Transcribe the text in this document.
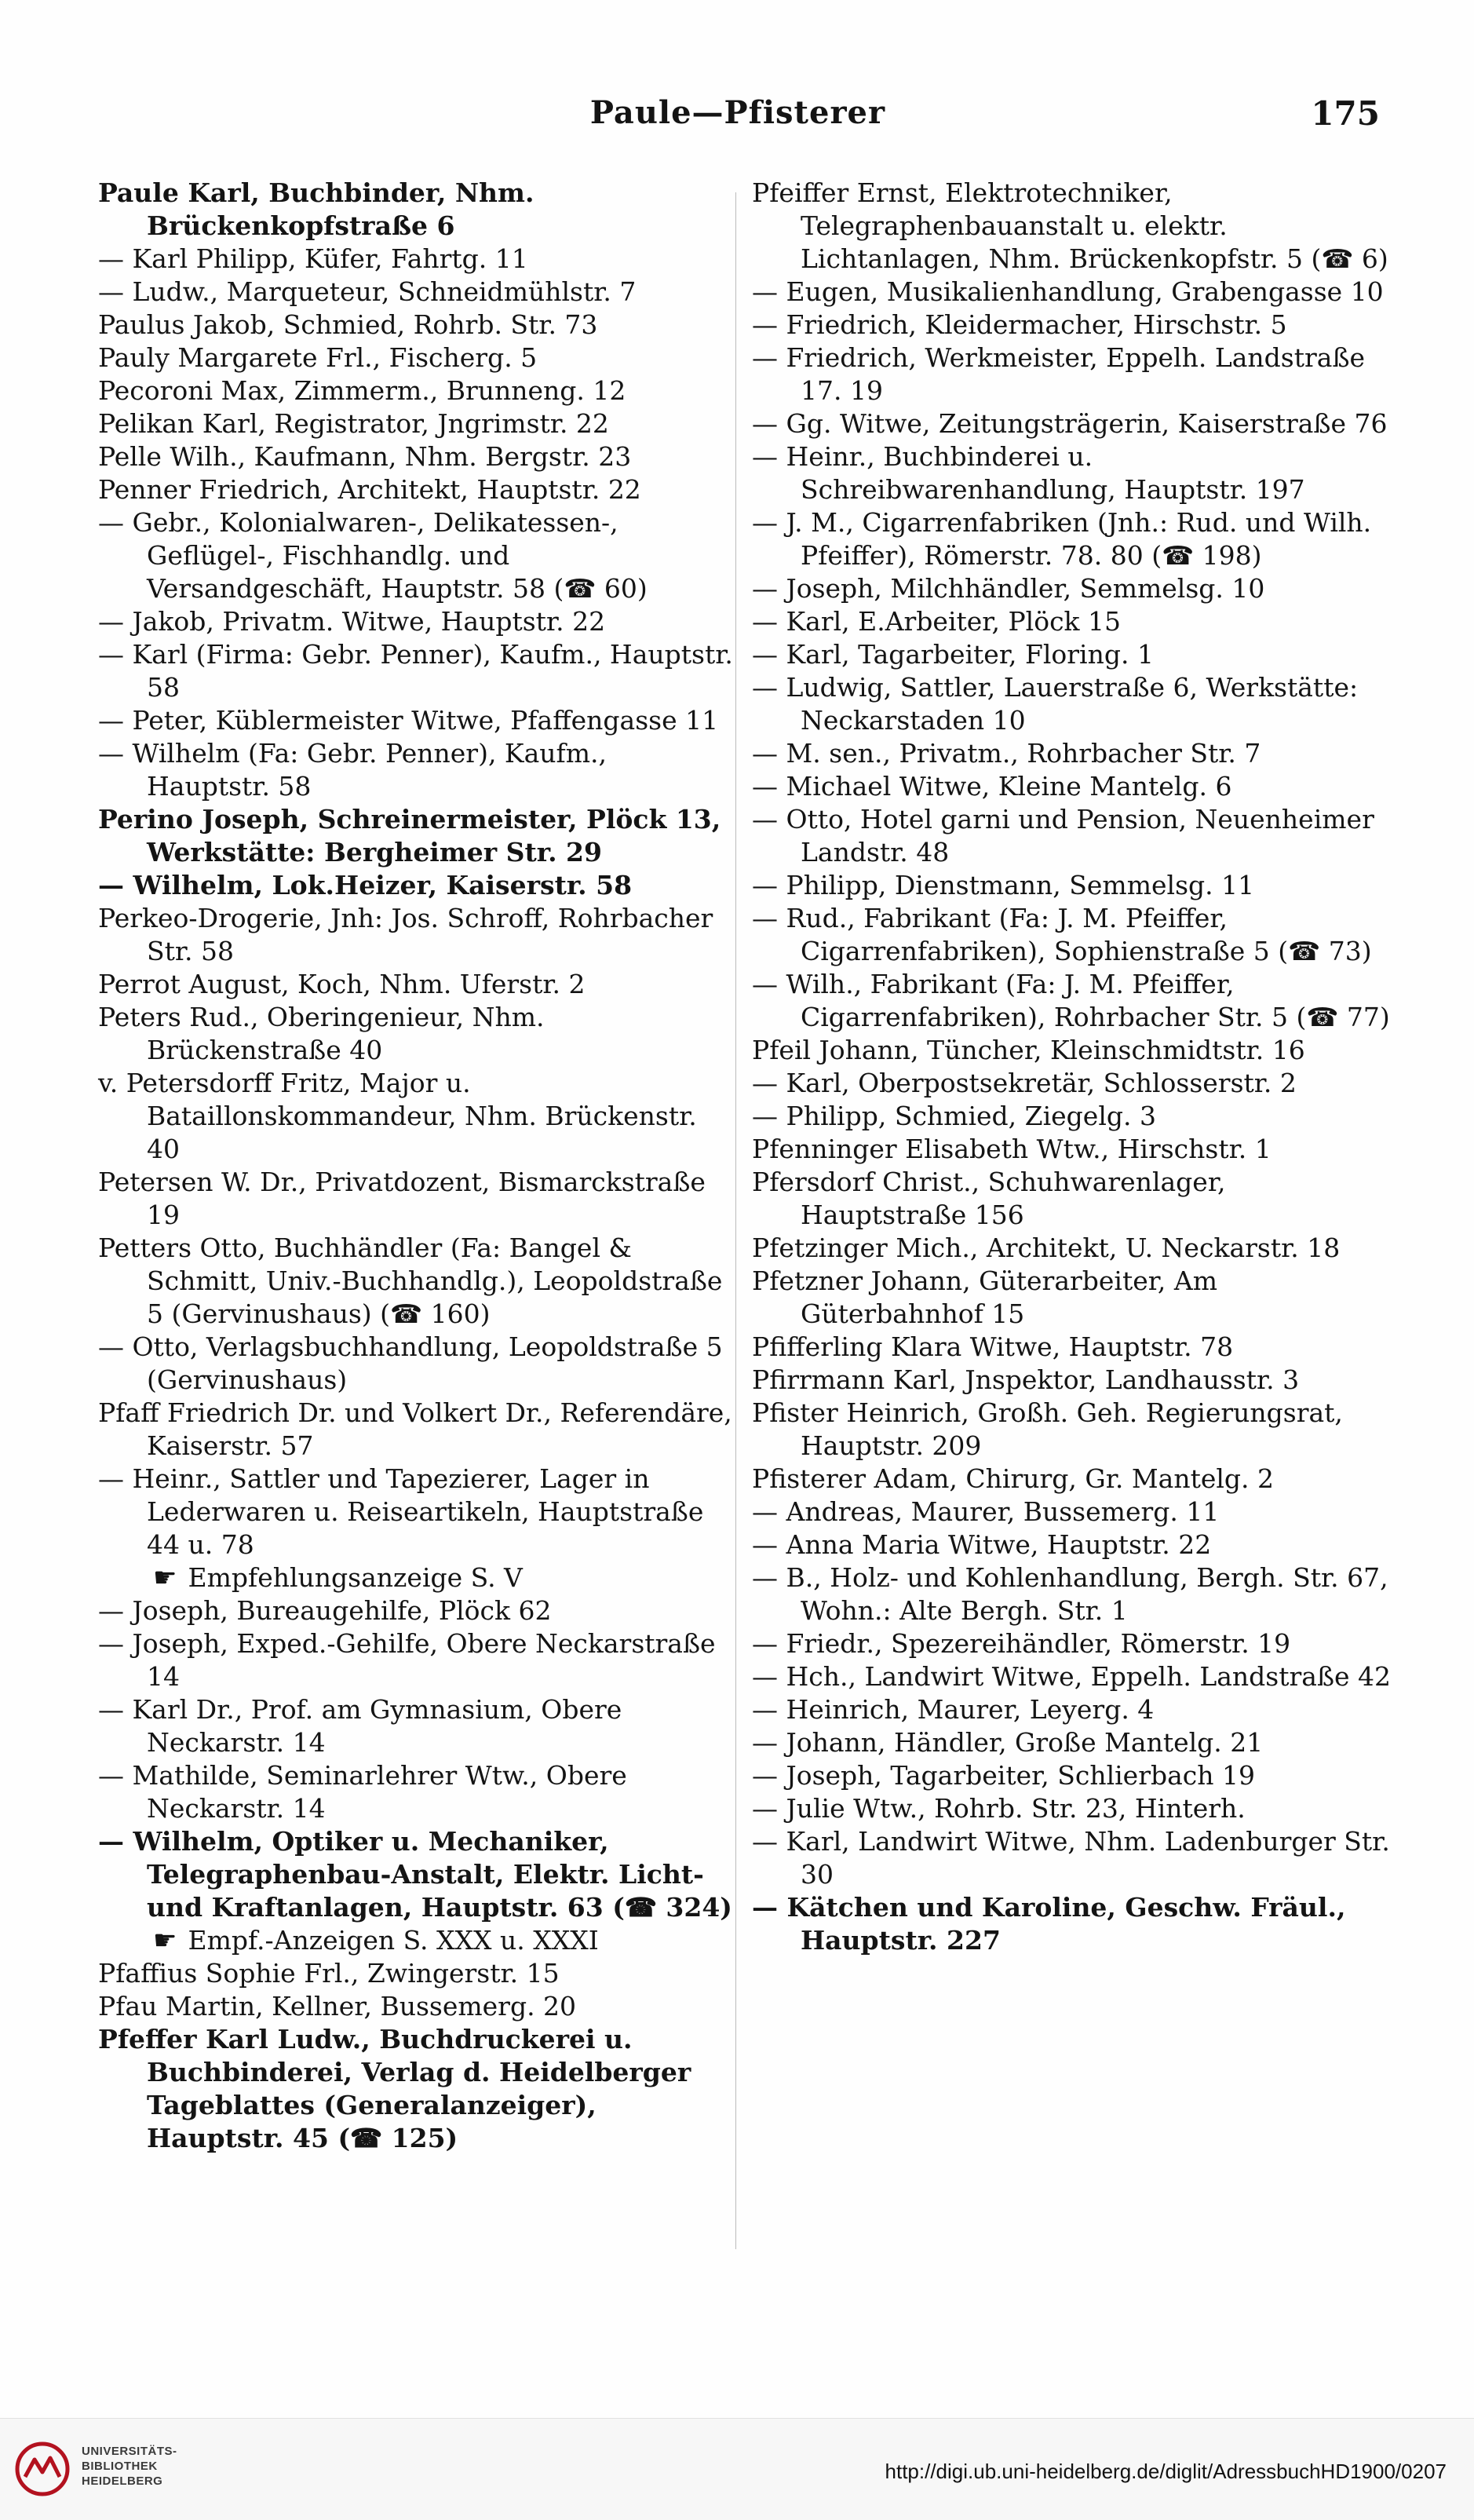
Paule—Pfisterer	175
Paule Karl, Buchbinder, Nhm. Brückenkopfstraße 6
— Karl Philipp, Küfer, Fahrtg. 11
— Ludw., Marqueteur, Schneidmühlstr. 7
Paulus Jakob, Schmied, Rohrb. Str. 73
Pauly Margarete Frl., Fischerg. 5
Pecoroni Max, Zimmerm., Brunneng. 12
Pelikan Karl, Registrator, Jngrimstr. 22
Pelle Wilh., Kaufmann, Nhm. Bergstr. 23
Penner Friedrich, Architekt, Hauptstr. 22
— Gebr., Kolonialwaren-, Delikatessen-, Geflügel-, Fischhandlg. und Versandgeschäft, Hauptstr. 58 (☎ 60)
— Jakob, Privatm. Witwe, Hauptstr. 22
— Karl (Firma: Gebr. Penner), Kaufm., Hauptstr. 58
— Peter, Küblermeister Witwe, Pfaffengasse 11
— Wilhelm (Fa: Gebr. Penner), Kaufm., Hauptstr. 58
Perino Joseph, Schreinermeister, Plöck 13, Werkstätte: Bergheimer Str. 29
— Wilhelm, Lok.Heizer, Kaiserstr. 58
Perkeo-Drogerie, Jnh: Jos. Schroff, Rohrbacher Str. 58
Perrot August, Koch, Nhm. Uferstr. 2
Peters Rud., Oberingenieur, Nhm. Brückenstraße 40
v. Petersdorff Fritz, Major u. Bataillonskommandeur, Nhm. Brückenstr. 40
Petersen W. Dr., Privatdozent, Bismarckstraße 19
Petters Otto, Buchhändler (Fa: Bangel & Schmitt, Univ.-Buchhandlg.), Leopoldstraße 5 (Gervinushaus) (☎ 160)
— Otto, Verlagsbuchhandlung, Leopoldstraße 5 (Gervinushaus)
Pfaff Friedrich Dr. und Volkert Dr., Referendäre, Kaiserstr. 57
— Heinr., Sattler und Tapezierer, Lager in Lederwaren u. Reiseartikeln, Hauptstraße 44 u. 78
☛ Empfehlungsanzeige S. V
— Joseph, Bureaugehilfe, Plöck 62
— Joseph, Exped.-Gehilfe, Obere Neckarstraße 14
— Karl Dr., Prof. am Gymnasium, Obere Neckarstr. 14
— Mathilde, Seminarlehrer Wtw., Obere Neckarstr. 14
— Wilhelm, Optiker u. Mechaniker, Telegraphenbau-Anstalt, Elektr. Licht- und Kraftanlagen, Hauptstr. 63 (☎ 324)
☛ Empf.-Anzeigen S. XXX u. XXXI
Pfaffius Sophie Frl., Zwingerstr. 15
Pfau Martin, Kellner, Bussemerg. 20
Pfeffer Karl Ludw., Buchdruckerei u. Buchbinderei, Verlag d. Heidelberger Tageblattes (Generalanzeiger), Hauptstr. 45 (☎ 125)
Pfeiffer Ernst, Elektrotechniker, Telegraphenbauanstalt u. elektr. Lichtanlagen, Nhm. Brückenkopfstr. 5 (☎ 6)
— Eugen, Musikalienhandlung, Grabengasse 10
— Friedrich, Kleidermacher, Hirschstr. 5
— Friedrich, Werkmeister, Eppelh. Landstraße 17. 19
— Gg. Witwe, Zeitungsträgerin, Kaiserstraße 76
— Heinr., Buchbinderei u. Schreibwarenhandlung, Hauptstr. 197
— J. M., Cigarrenfabriken (Jnh.: Rud. und Wilh. Pfeiffer), Römerstr. 78. 80 (☎ 198)
— Joseph, Milchhändler, Semmelsg. 10
— Karl, E.Arbeiter, Plöck 15
— Karl, Tagarbeiter, Floring. 1
— Ludwig, Sattler, Lauerstraße 6, Werkstätte: Neckarstaden 10
— M. sen., Privatm., Rohrbacher Str. 7
— Michael Witwe, Kleine Mantelg. 6
— Otto, Hotel garni und Pension, Neuenheimer Landstr. 48
— Philipp, Dienstmann, Semmelsg. 11
— Rud., Fabrikant (Fa: J. M. Pfeiffer, Cigarrenfabriken), Sophienstraße 5 (☎ 73)
— Wilh., Fabrikant (Fa: J. M. Pfeiffer, Cigarrenfabriken), Rohrbacher Str. 5 (☎ 77)
Pfeil Johann, Tüncher, Kleinschmidtstr. 16
— Karl, Oberpostsekretär, Schlosserstr. 2
— Philipp, Schmied, Ziegelg. 3
Pfenninger Elisabeth Wtw., Hirschstr. 1
Pfersdorf Christ., Schuhwarenlager, Hauptstraße 156
Pfetzinger Mich., Architekt, U. Neckarstr. 18
Pfetzner Johann, Güterarbeiter, Am Güterbahnhof 15
Pfifferling Klara Witwe, Hauptstr. 78
Pfirrmann Karl, Jnspektor, Landhausstr. 3
Pfister Heinrich, Großh. Geh. Regierungsrat, Hauptstr. 209
Pfisterer Adam, Chirurg, Gr. Mantelg. 2
— Andreas, Maurer, Bussemerg. 11
— Anna Maria Witwe, Hauptstr. 22
— B., Holz- und Kohlenhandlung, Bergh. Str. 67, Wohn.: Alte Bergh. Str. 1
— Friedr., Spezereihändler, Römerstr. 19
— Hch., Landwirt Witwe, Eppelh. Landstraße 42
— Heinrich, Maurer, Leyerg. 4
— Johann, Händler, Große Mantelg. 21
— Joseph, Tagarbeiter, Schlierbach 19
— Julie Wtw., Rohrb. Str. 23, Hinterh.
— Karl, Landwirt Witwe, Nhm. Ladenburger Str. 30
— Kätchen und Karoline, Geschw. Fräul., Hauptstr. 227
UNIVERSITÄTS-
BIBLIOTHEK
HEIDELBERG	http://digi.ub.uni-heidelberg.de/diglit/AdressbuchHD1900/0207
